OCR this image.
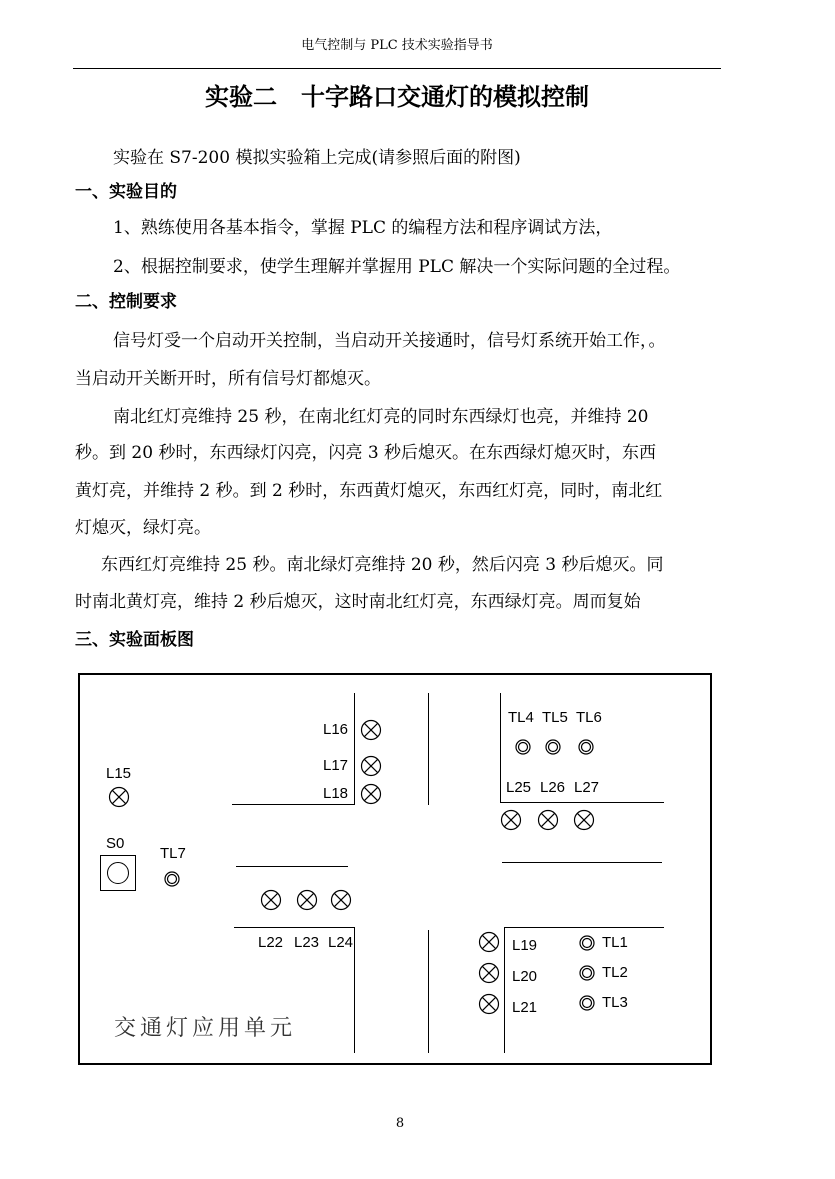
电气控制与 PLC 技术实验指导书
实验二　十字路口交通灯的模拟控制
实验在 S7-200 模拟实验箱上完成(请参照后面的附图)
一、实验目的
1、熟练使用各基本指令，掌握 PLC 的编程方法和程序调试方法，
2、根据控制要求，使学生理解并掌握用 PLC 解决一个实际问题的全过程。
二、控制要求
信号灯受一个启动开关控制，当启动开关接通时，信号灯系统开始工作，。
当启动开关断开时，所有信号灯都熄灭。
南北红灯亮维持 25 秒，在南北红灯亮的同时东西绿灯也亮，并维持 20
秒。到 20 秒时，东西绿灯闪亮，闪亮 3 秒后熄灭。在东西绿灯熄灭时，东西
黄灯亮，并维持 2 秒。到 2 秒时，东西黄灯熄灭，东西红灯亮，同时，南北红
灯熄灭，绿灯亮。
东西红灯亮维持 25 秒。南北绿灯亮维持 20 秒，然后闪亮 3 秒后熄灭。同
时南北黄灯亮，维持 2 秒后熄灭，这时南北红灯亮，东西绿灯亮。周而复始
三、实验面板图
L15
S0
TL7
L16
L17
L18
TL4 TL5 TL6
L25 L26 L27
L22 L23 L24	L19
L20
L21
TL1
TL2
TL3
交通灯应用单元
8
